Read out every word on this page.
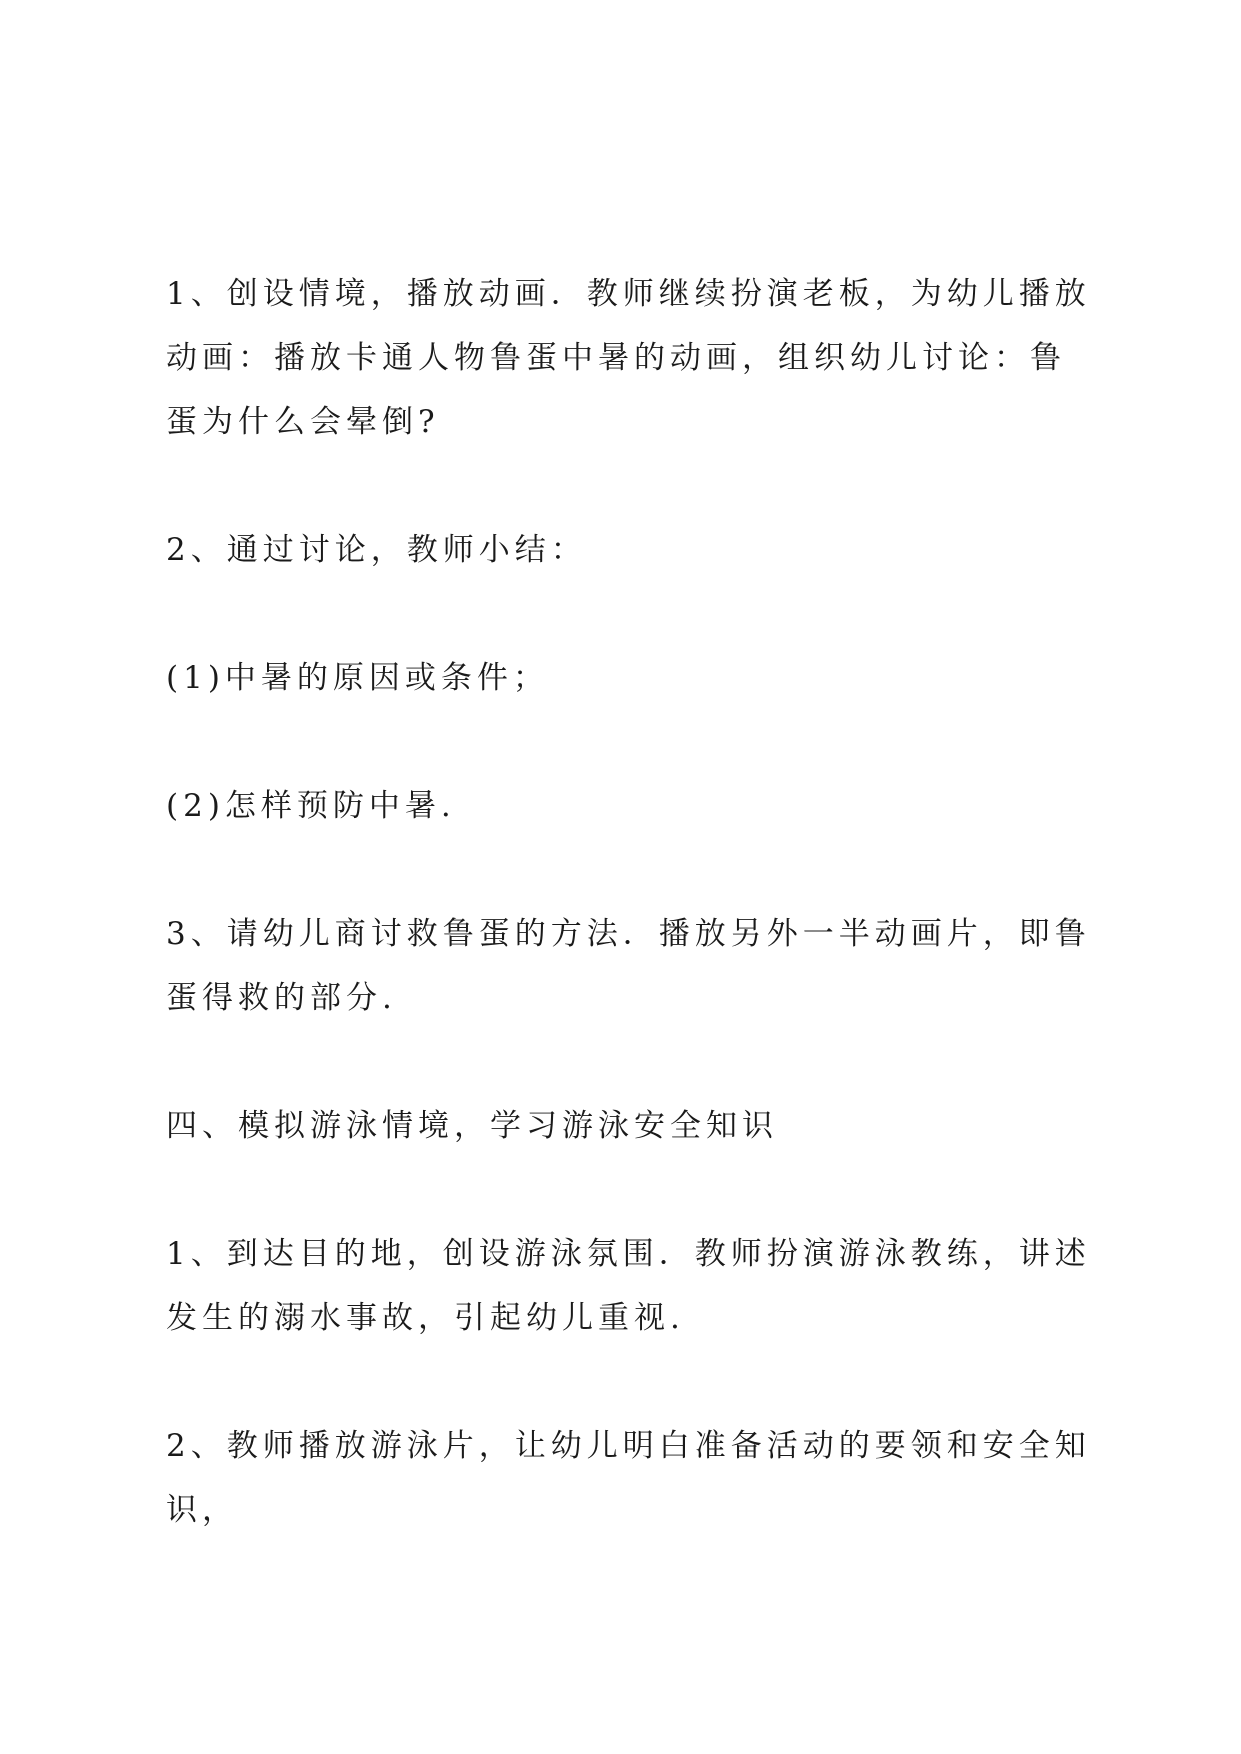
1、创设情境，播放动画．教师继续扮演老板，为幼儿播放动画：播放卡通人物鲁蛋中暑的动画，组织幼儿讨论：鲁蛋为什么会晕倒?

2、通过讨论，教师小结：

(1)中暑的原因或条件；

(2)怎样预防中暑.

3、请幼儿商讨救鲁蛋的方法．播放另外一半动画片，即鲁蛋得救的部分.

四、模拟游泳情境，学习游泳安全知识

1、到达目的地，创设游泳氛围．教师扮演游泳教练，讲述发生的溺水事故，引起幼儿重视.

2、教师播放游泳片，让幼儿明白准备活动的要领和安全知识，
